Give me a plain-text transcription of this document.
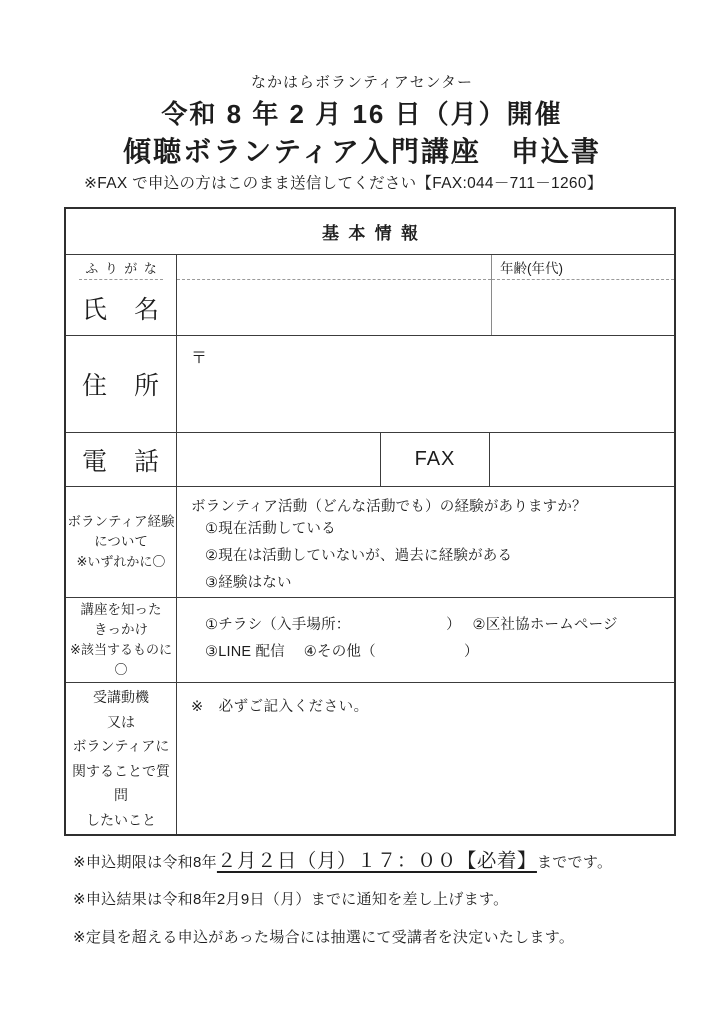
なかはらボランティアセンター
令和 8 年 2 月 16 日（月）開催
傾聴ボランティア入門講座　申込書
※FAX で申込の方はこのまま送信してください【FAX:044－711－1260】
基本情報
ふりがな
氏　名
年齢(年代)
住　所
〒
電　話	FAX
ボランティア経験
について
※いずれかに〇
ボランティア活動（どんな活動でも）の経験がありますか？
①現在活動している
②現在は活動していないが、過去に経験がある
③経験はない
講座を知った
きっかけ
※該当するものに〇
①チラシ（入手場所：　　　　　　　）　 ②区社協ホームページ
③LINE 配信　 ④その他（　　　　　　）
受講動機
又は
ボランティアに
関することで質問
したいこと
※　必ずご記入ください。
※申込期限は令和8年２月２日（月）１７：００【必着】までです。
※申込結果は令和8年2月9日（月）までに通知を差し上げます。
※定員を超える申込があった場合には抽選にて受講者を決定いたします。
